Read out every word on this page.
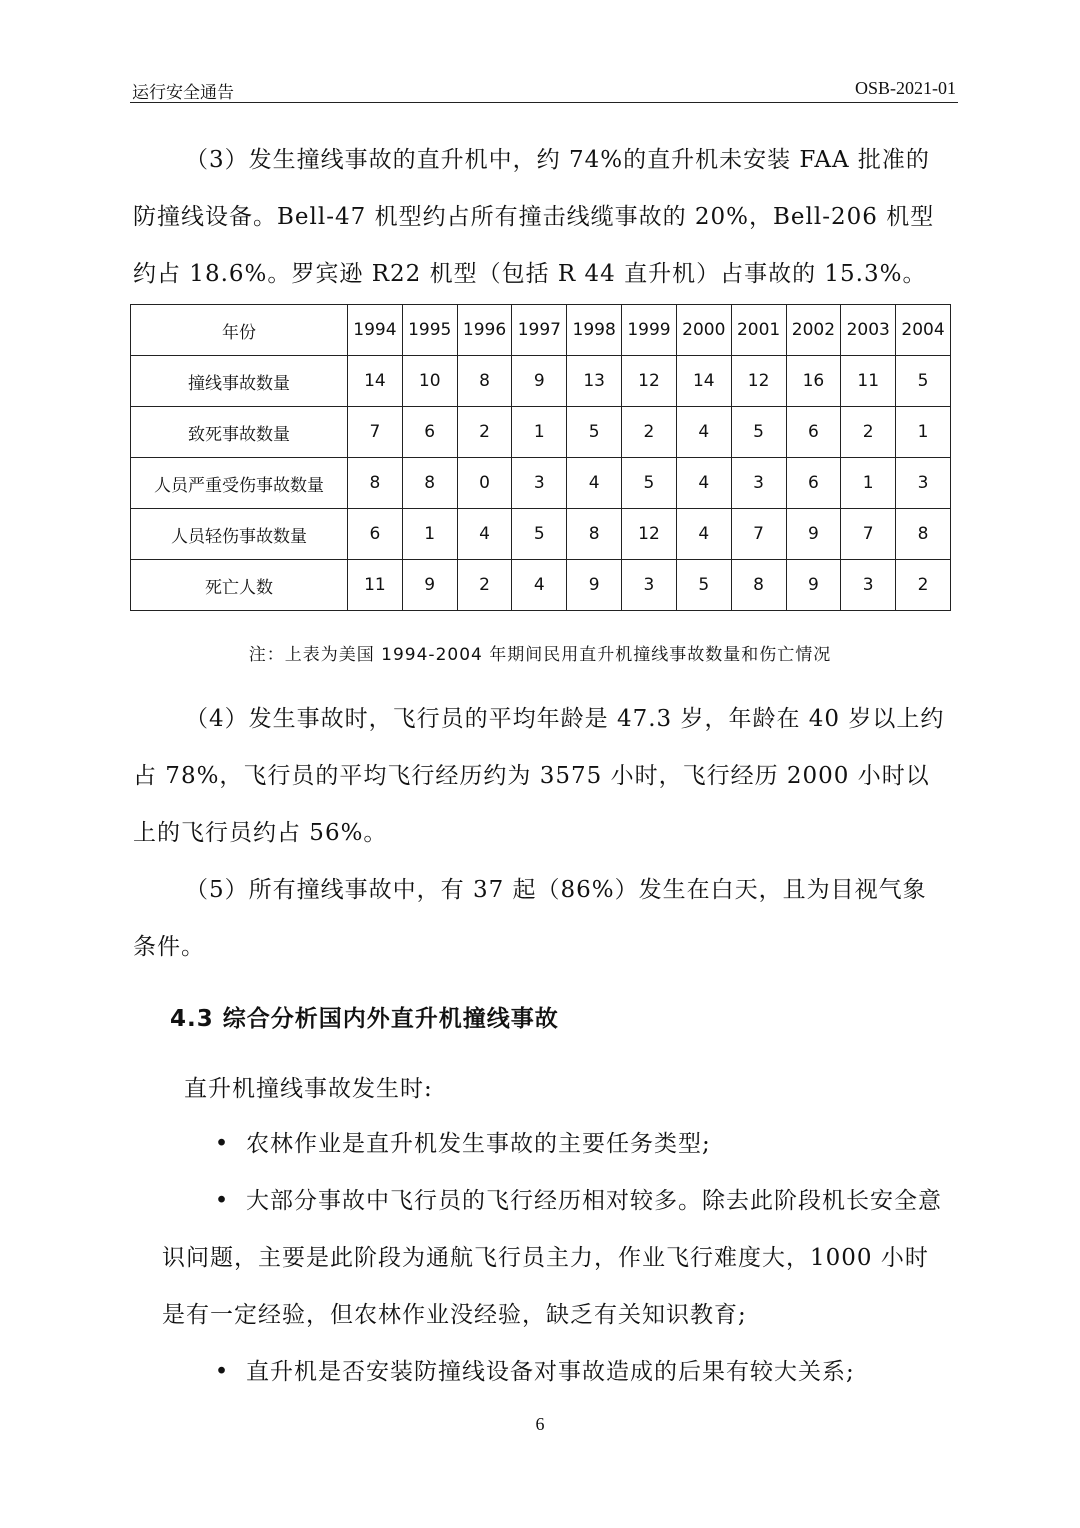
运行安全通告	OSB-2021-01

（3）发生撞线事故的直升机中，约 74%的直升机未安装 FAA 批准的防撞线设备。Bell-47 机型约占所有撞击线缆事故的 20%，Bell-206 机型约占 18.6%。罗宾逊 R22 机型（包括 R 44 直升机）占事故的 15.3%。

年份	1994	1995	1996	1997	1998	1999	2000	2001	2002	2003	2004
撞线事故数量	14	10	8	9	13	12	14	12	16	11	5
致死事故数量	7	6	2	1	5	2	4	5	6	2	1
人员严重受伤事故数量	8	8	0	3	4	5	4	3	6	1	3
人员轻伤事故数量	6	1	4	5	8	12	4	7	9	7	8
死亡人数	11	9	2	4	9	3	5	8	9	3	2
注：上表为美国 1994-2004 年期间民用直升机撞线事故数量和伤亡情况

（4）发生事故时，飞行员的平均年龄是 47.3 岁，年龄在 40 岁以上约占 78%，飞行员的平均飞行经历约为 3575 小时，飞行经历 2000 小时以上的飞行员约占 56%。

（5）所有撞线事故中，有 37 起（86%）发生在白天，且为目视气象条件。

4.3 综合分析国内外直升机撞线事故
直升机撞线事故发生时:
• 农林作业是直升机发生事故的主要任务类型;
• 大部分事故中飞行员的飞行经历相对较多。除去此阶段机长安全意识问题，主要是此阶段为通航飞行员主力，作业飞行难度大，1000 小时是有一定经验，但农林作业没经验，缺乏有关知识教育;
• 直升机是否安装防撞线设备对事故造成的后果有较大关系;
6
